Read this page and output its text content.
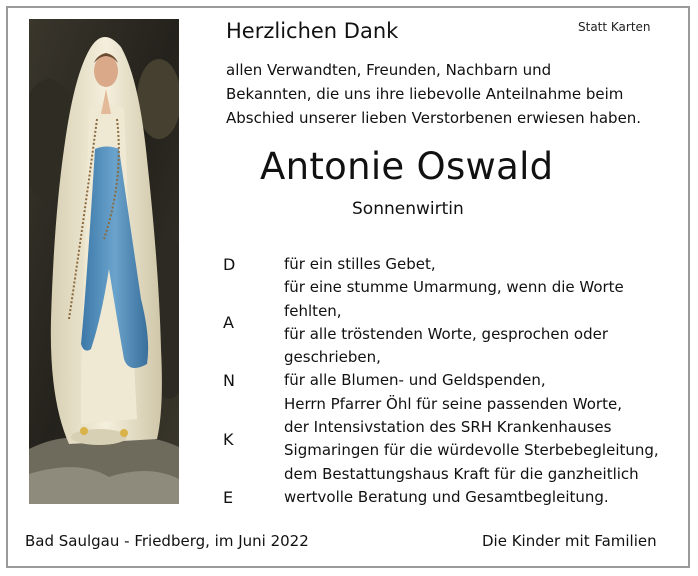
Herzlichen Dank	Statt Karten
allen Verwandten, Freunden, Nachbarn und
Bekannten, die uns ihre liebevolle Anteilnahme beim
Abschied unserer lieben Verstorbenen erwiesen haben.
Antonie Oswald
Sonnenwirtin
D
A
N
K
E
für ein stilles Gebet,
für eine stumme Umarmung, wenn die Worte
fehlten,
für alle tröstenden Worte, gesprochen oder
geschrieben,
für alle Blumen- und Geldspenden,
Herrn Pfarrer Öhl für seine passenden Worte,
der Intensivstation des SRH Krankenhauses
Sigmaringen für die würdevolle Sterbebegleitung,
dem Bestattungshaus Kraft für die ganzheitlich
wertvolle Beratung und Gesamtbegleitung.
Bad Saulgau - Friedberg, im Juni 2022	Die Kinder mit Familien
